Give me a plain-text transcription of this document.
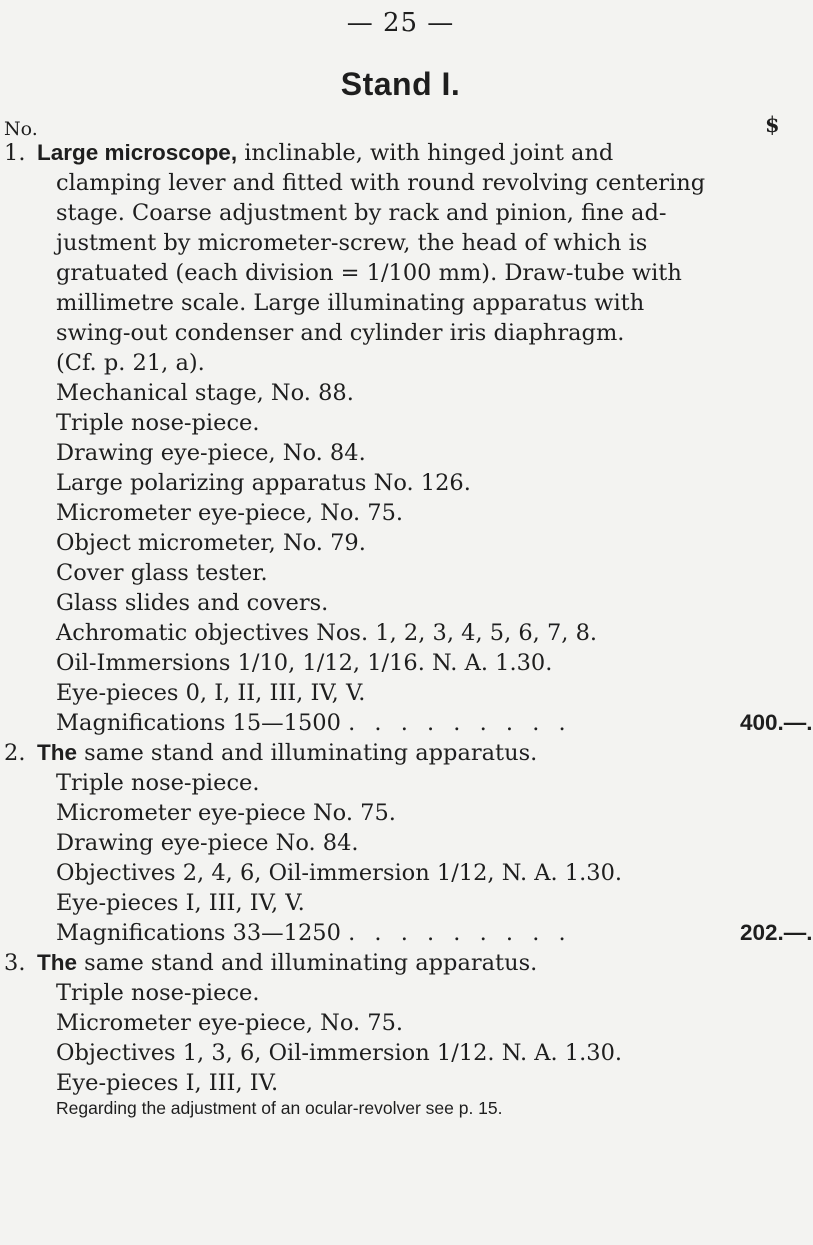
— 25 —
Stand I.
No.	$
1. Large microscope, inclinable, with hinged joint and
clamping lever and fitted with round revolving centering
stage. Coarse adjustment by rack and pinion, fine ad-
justment by micrometer-screw, the head of which is
gratuated (each division = 1/100 mm). Draw-tube with
millimetre scale. Large illuminating apparatus with
swing-out condenser and cylinder iris diaphragm.
(Cf. p. 21, a).
Mechanical stage, No. 88.
Triple nose-piece.
Drawing eye-piece, No. 84.
Large polarizing apparatus No. 126.
Micrometer eye-piece, No. 75.
Object micrometer, No. 79.
Cover glass tester.
Glass slides and covers.
Achromatic objectives Nos. 1, 2, 3, 4, 5, 6, 7, 8.
Oil-Immersions 1/10, 1/12, 1/16. N. A. 1.30.
Eye-pieces 0, I, II, III, IV, V.
Magnifications 15—1500 . . . . . . . . .	400.—.
2. The same stand and illuminating apparatus.
Triple nose-piece.
Micrometer eye-piece No. 75.
Drawing eye-piece No. 84.
Objectives 2, 4, 6, Oil-immersion 1/12, N. A. 1.30.
Eye-pieces I, III, IV, V.
Magnifications 33—1250 . . . . . . . . .	202.—.
3. The same stand and illuminating apparatus.
Triple nose-piece.
Micrometer eye-piece, No. 75.
Objectives 1, 3, 6, Oil-immersion 1/12. N. A. 1.30.
Eye-pieces I, III, IV.
Regarding the adjustment of an ocular-revolver see p. 15.
